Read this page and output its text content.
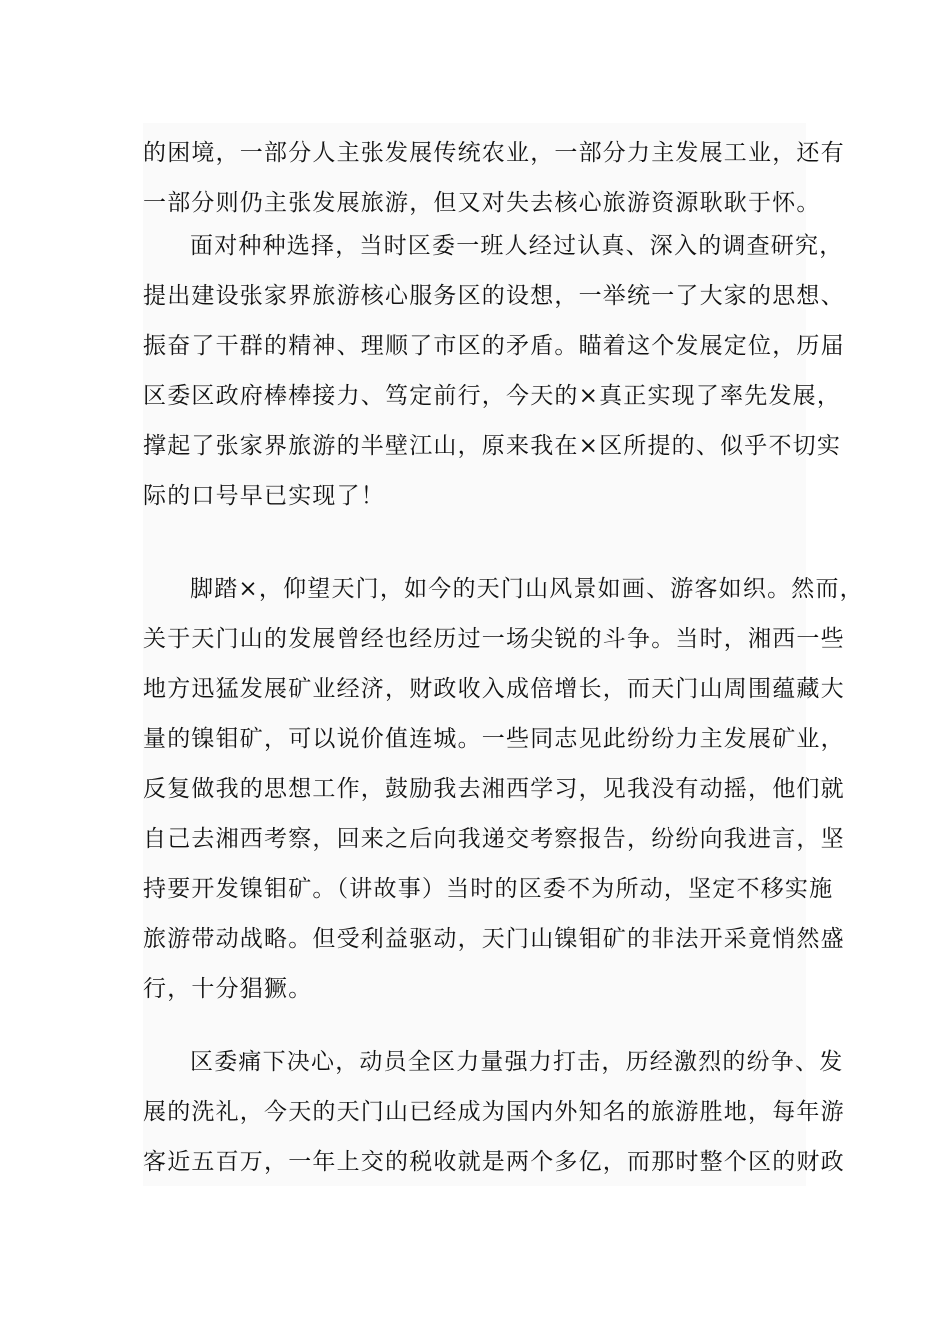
的困境，一部分人主张发展传统农业，一部分力主发展工业，还有
一部分则仍主张发展旅游，但又对失去核心旅游资源耿耿于怀。
面对种种选择，当时区委一班人经过认真、深入的调查研究，
提出建设张家界旅游核心服务区的设想，一举统一了大家的思想、
振奋了干群的精神、理顺了市区的矛盾。瞄着这个发展定位，历届
区委区政府棒棒接力、笃定前行，今天的×真正实现了率先发展，
撑起了张家界旅游的半壁江山，原来我在×区所提的、似乎不切实
际的口号早已实现了！
脚踏×，仰望天门，如今的天门山风景如画、游客如织。然而，
关于天门山的发展曾经也经历过一场尖锐的斗争。当时，湘西一些
地方迅猛发展矿业经济，财政收入成倍增长，而天门山周围蕴藏大
量的镍钼矿，可以说价值连城。一些同志见此纷纷力主发展矿业，
反复做我的思想工作，鼓励我去湘西学习，见我没有动摇，他们就
自己去湘西考察，回来之后向我递交考察报告，纷纷向我进言，坚
持要开发镍钼矿。（讲故事）当时的区委不为所动，坚定不移实施
旅游带动战略。但受利益驱动，天门山镍钼矿的非法开采竟悄然盛
行，十分猖獗。
区委痛下决心，动员全区力量强力打击，历经激烈的纷争、发
展的洗礼，今天的天门山已经成为国内外知名的旅游胜地，每年游
客近五百万，一年上交的税收就是两个多亿，而那时整个区的财政
